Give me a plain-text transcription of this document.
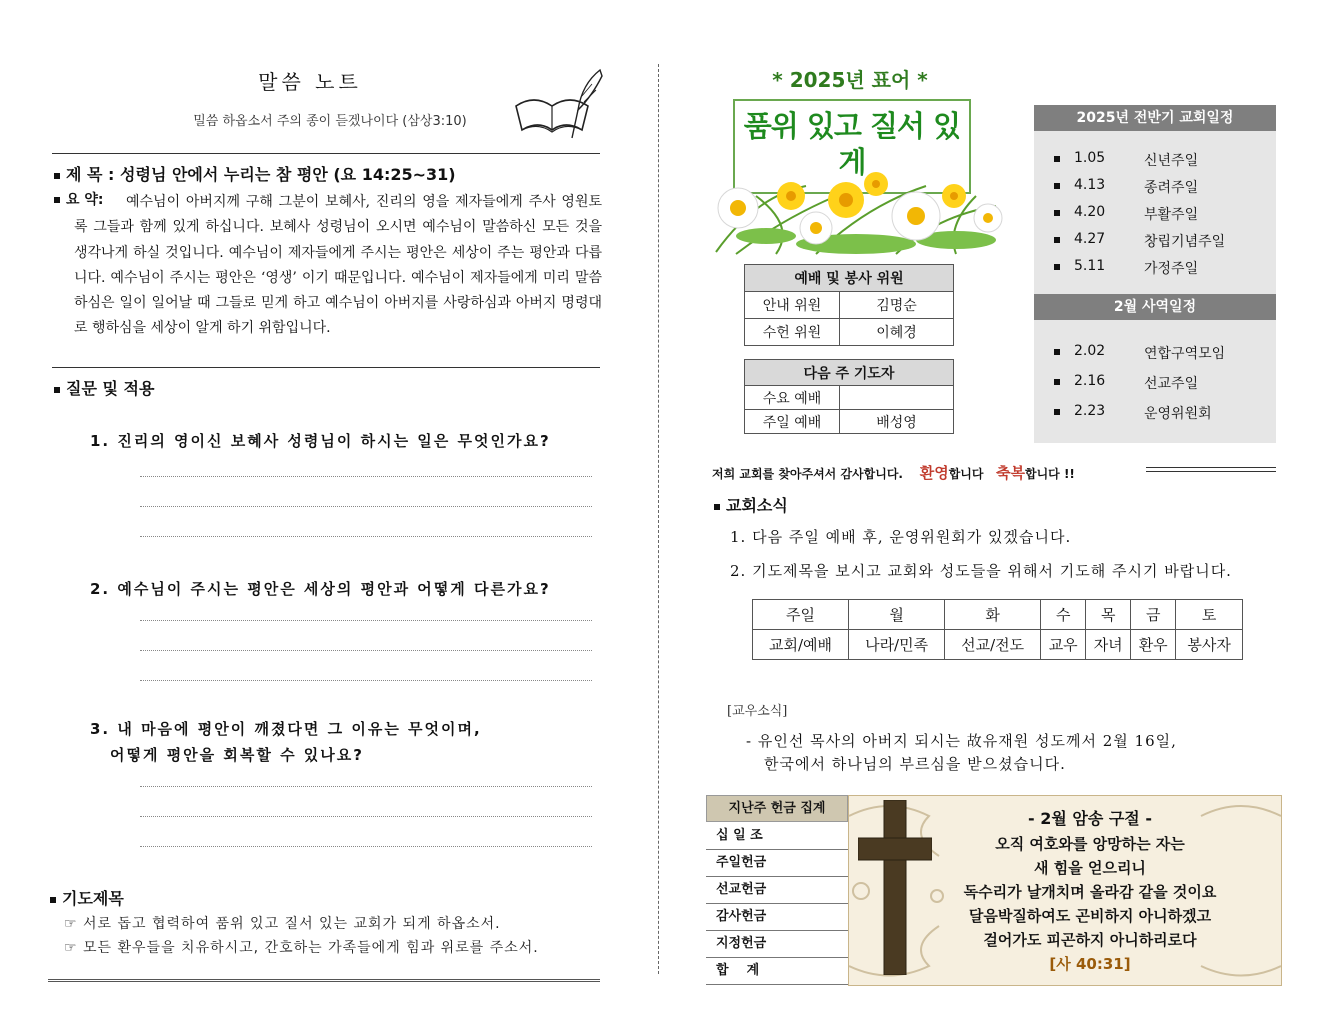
말씀 노트
밀씀 하옵소서 주의 종이 듣겠나이다 (삼상3:10)
제 목 : 성령님 안에서 누리는 참 평안 (요 14:25~31)
요 약:	예수님이 아버지께 구해 그분이 보혜사, 진리의 영을 제자들에게 주사 영원토록 그들과 함께 있게 하십니다. 보혜사 성령님이 오시면 예수님이 말씀하신 모든 것을 생각나게 하실 것입니다. 예수님이 제자들에게 주시는 평안은 세상이 주는 평안과 다릅니다. 예수님이 주시는 평안은 ‘영생’ 이기 때문입니다. 예수님이 제자들에게 미리 말씀하심은 일이 일어날 때 그들로 믿게 하고 예수님이 아버지를 사랑하심과 아버지 명령대로 행하심을 세상이 알게 하기 위함입니다.
질문 및 적용
1. 진리의 영이신 보혜사 성령님이 하시는 일은 무엇인가요?
2. 예수님이 주시는 평안은 세상의 평안과 어떻게 다른가요?
3. 내 마음에 평안이 깨졌다면 그 이유는 무엇이며,
어떻게 평안을 회복할 수 있나요?
기도제목
☞ 서로 돕고 협력하여 품위 있고 질서 있는 교회가 되게 하옵소서.
☞ 모든 환우들을 치유하시고, 간호하는 가족들에게 힘과 위로를 주소서.
* 2025년 표어 *
품위 있고 질서 있게
예배 및 봉사 위원	
안내 위원	김명순
수헌 위원	이혜경
다음 주 기도자	
수요 예배	
주일 예배	배성영
2025년 전반기 교회일정
1.05	신년주일
4.13	종려주일
4.20	부활주일
4.27	창립기념주일
5.11	가정주일
2월 사역일정
2.02	연합구역모임
2.16	선교주일
2.23	운영위원회
저희 교회를 찾아주셔서 감사합니다. 환영합니다 축복합니다 !!
교회소식
1. 다음 주일 예배 후, 운영위원회가 있겠습니다.
2. 기도제목을 보시고 교회와 성도들을 위해서 기도해 주시기 바랍니다.
주일	월	화	수	목	금	토
교회/예배	나라/민족	선교/전도	교우	자녀	환우	봉사자
[교우소식]
- 유인선 목사의 아버지 되시는 故유재원 성도께서 2월 16일,
한국에서 하나님의 부르심을 받으셨습니다.
지난주 헌금 집계
십 일 조
주일헌금
선교헌금
감사헌금
지정헌금
합    계
- 2월 암송 구절 -
오직 여호와를 앙망하는 자는
새 힘을 얻으리니
독수리가 날개치며 올라감 같을 것이요
달음박질하여도 곤비하지 아니하겠고
걸어가도 피곤하지 아니하리로다
[사 40:31]
